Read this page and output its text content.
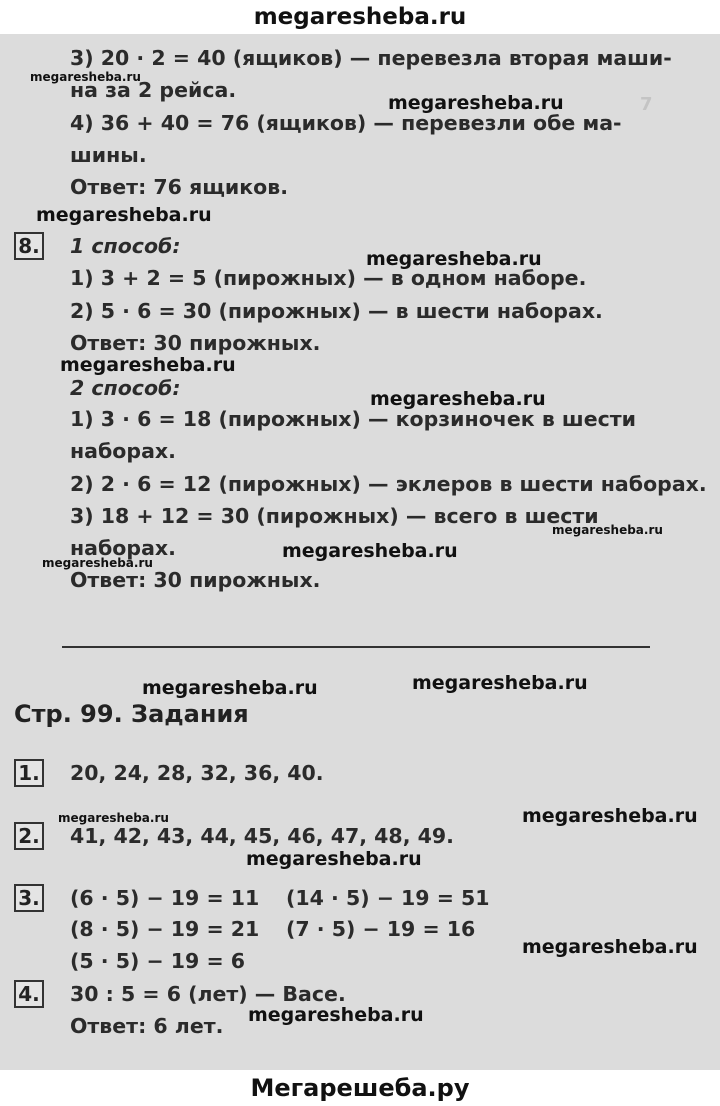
megaresheba.ru
7
3) 20 · 2 = 40 (ящиков) — перевезла вторая маши-
на за 2 рейса.
4) 36 + 40 = 76 (ящиков) — перевезли обе ма-
шины.
Ответ: 76 ящиков.
8. 1 способ:
1) 3 + 2 = 5 (пирожных) — в одном наборе.
2) 5 · 6 = 30 (пирожных) — в шести наборах.
Ответ: 30 пирожных.
2 способ:
1) 3 · 6 = 18 (пирожных) — корзиночек в шести
наборах.
2) 2 · 6 = 12 (пирожных) — эклеров в шести наборах.
3) 18 + 12 = 30 (пирожных) — всего в шести
наборах.
Ответ: 30 пирожных.
Стр. 99. Задания
1. 20, 24, 28, 32, 36, 40.
2. 41, 42, 43, 44, 45, 46, 47, 48, 49.
3. (6 · 5) − 19 = 11 (14 · 5) − 19 = 51
(8 · 5) − 19 = 21 (7 · 5) − 19 = 16
(5 · 5) − 19 = 6
4. 30 : 5 = 6 (лет) — Васе.
Ответ: 6 лет.
megaresheba.ru
megaresheba.ru
megaresheba.ru
megaresheba.ru
megaresheba.ru
megaresheba.ru
megaresheba.ru
megaresheba.ru
megaresheba.ru
megaresheba.ru	megaresheba.ru
megaresheba.ru	megaresheba.ru
megaresheba.ru
megaresheba.ru
megaresheba.ru
Мегарешеба.ру
